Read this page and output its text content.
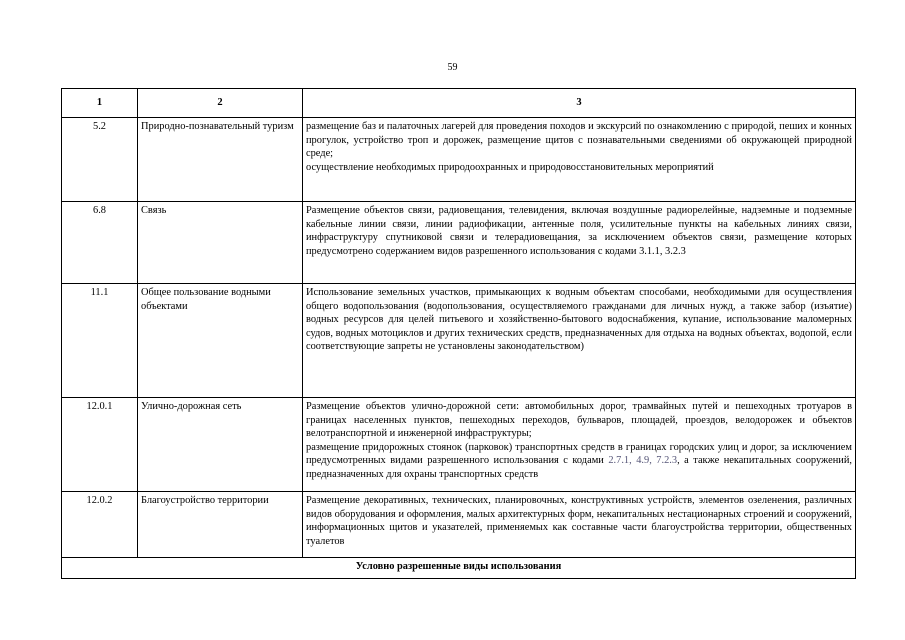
59
1	2	3
5.2	Природно-познавательный туризм	размещение баз и палаточных лагерей для проведения походов и экскурсий по ознакомлению с природой, пеших и конных прогулок, устройство троп и дорожек, размещение щитов с познавательными сведениями об окружающей природной среде;

осуществление необходимых природоохранных и природовосстановительных мероприятий

6.8	Связь	Размещение объектов связи, радиовещания, телевидения, включая воздушные радиорелейные, надземные и подземные кабельные линии связи, линии радиофикации, антенные поля, усилительные пункты на кабельных линиях связи, инфраструктуру спутниковой связи и телерадиовещания, за исключением объектов связи, размещение которых предусмотрено содержанием видов разрешенного использования с кодами 3.1.1, 3.2.3

11.1	Общее пользование водными объектами	Использование земельных участков, примыкающих к водным объектам способами, необходимыми для осуществления общего водопользования (водопользования, осуществляемого гражданами для личных нужд, а также забор (изъятие) водных ресурсов для целей питьевого и хозяйственно-бытового водоснабжения, купание, использование маломерных судов, водных мотоциклов и других технических средств, предназначенных для отдыха на водных объектах, водопой, если соответствующие запреты не установлены законодательством)

12.0.1	Улично-дорожная сеть	Размещение объектов улично-дорожной сети: автомобильных дорог, трамвайных путей и пешеходных тротуаров в границах населенных пунктов, пешеходных переходов, бульваров, площадей, проездов, велодорожек и объектов велотранспортной и инженерной инфраструктуры;

размещение придорожных стоянок (парковок) транспортных средств в границах городских улиц и дорог, за исключением предусмотренных видами разрешенного использования с кодами 2.7.1, 4.9, 7.2.3, а также некапитальных сооружений, предназначенных для охраны транспортных средств

12.0.2	Благоустройство территории	Размещение декоративных, технических, планировочных, конструктивных устройств, элементов озеленения, различных видов оборудования и оформления, малых архитектурных форм, некапитальных нестационарных строений и сооружений, информационных щитов и указателей, применяемых как составные части благоустройства территории, общественных туалетов

Условно разрешенные виды использования		
